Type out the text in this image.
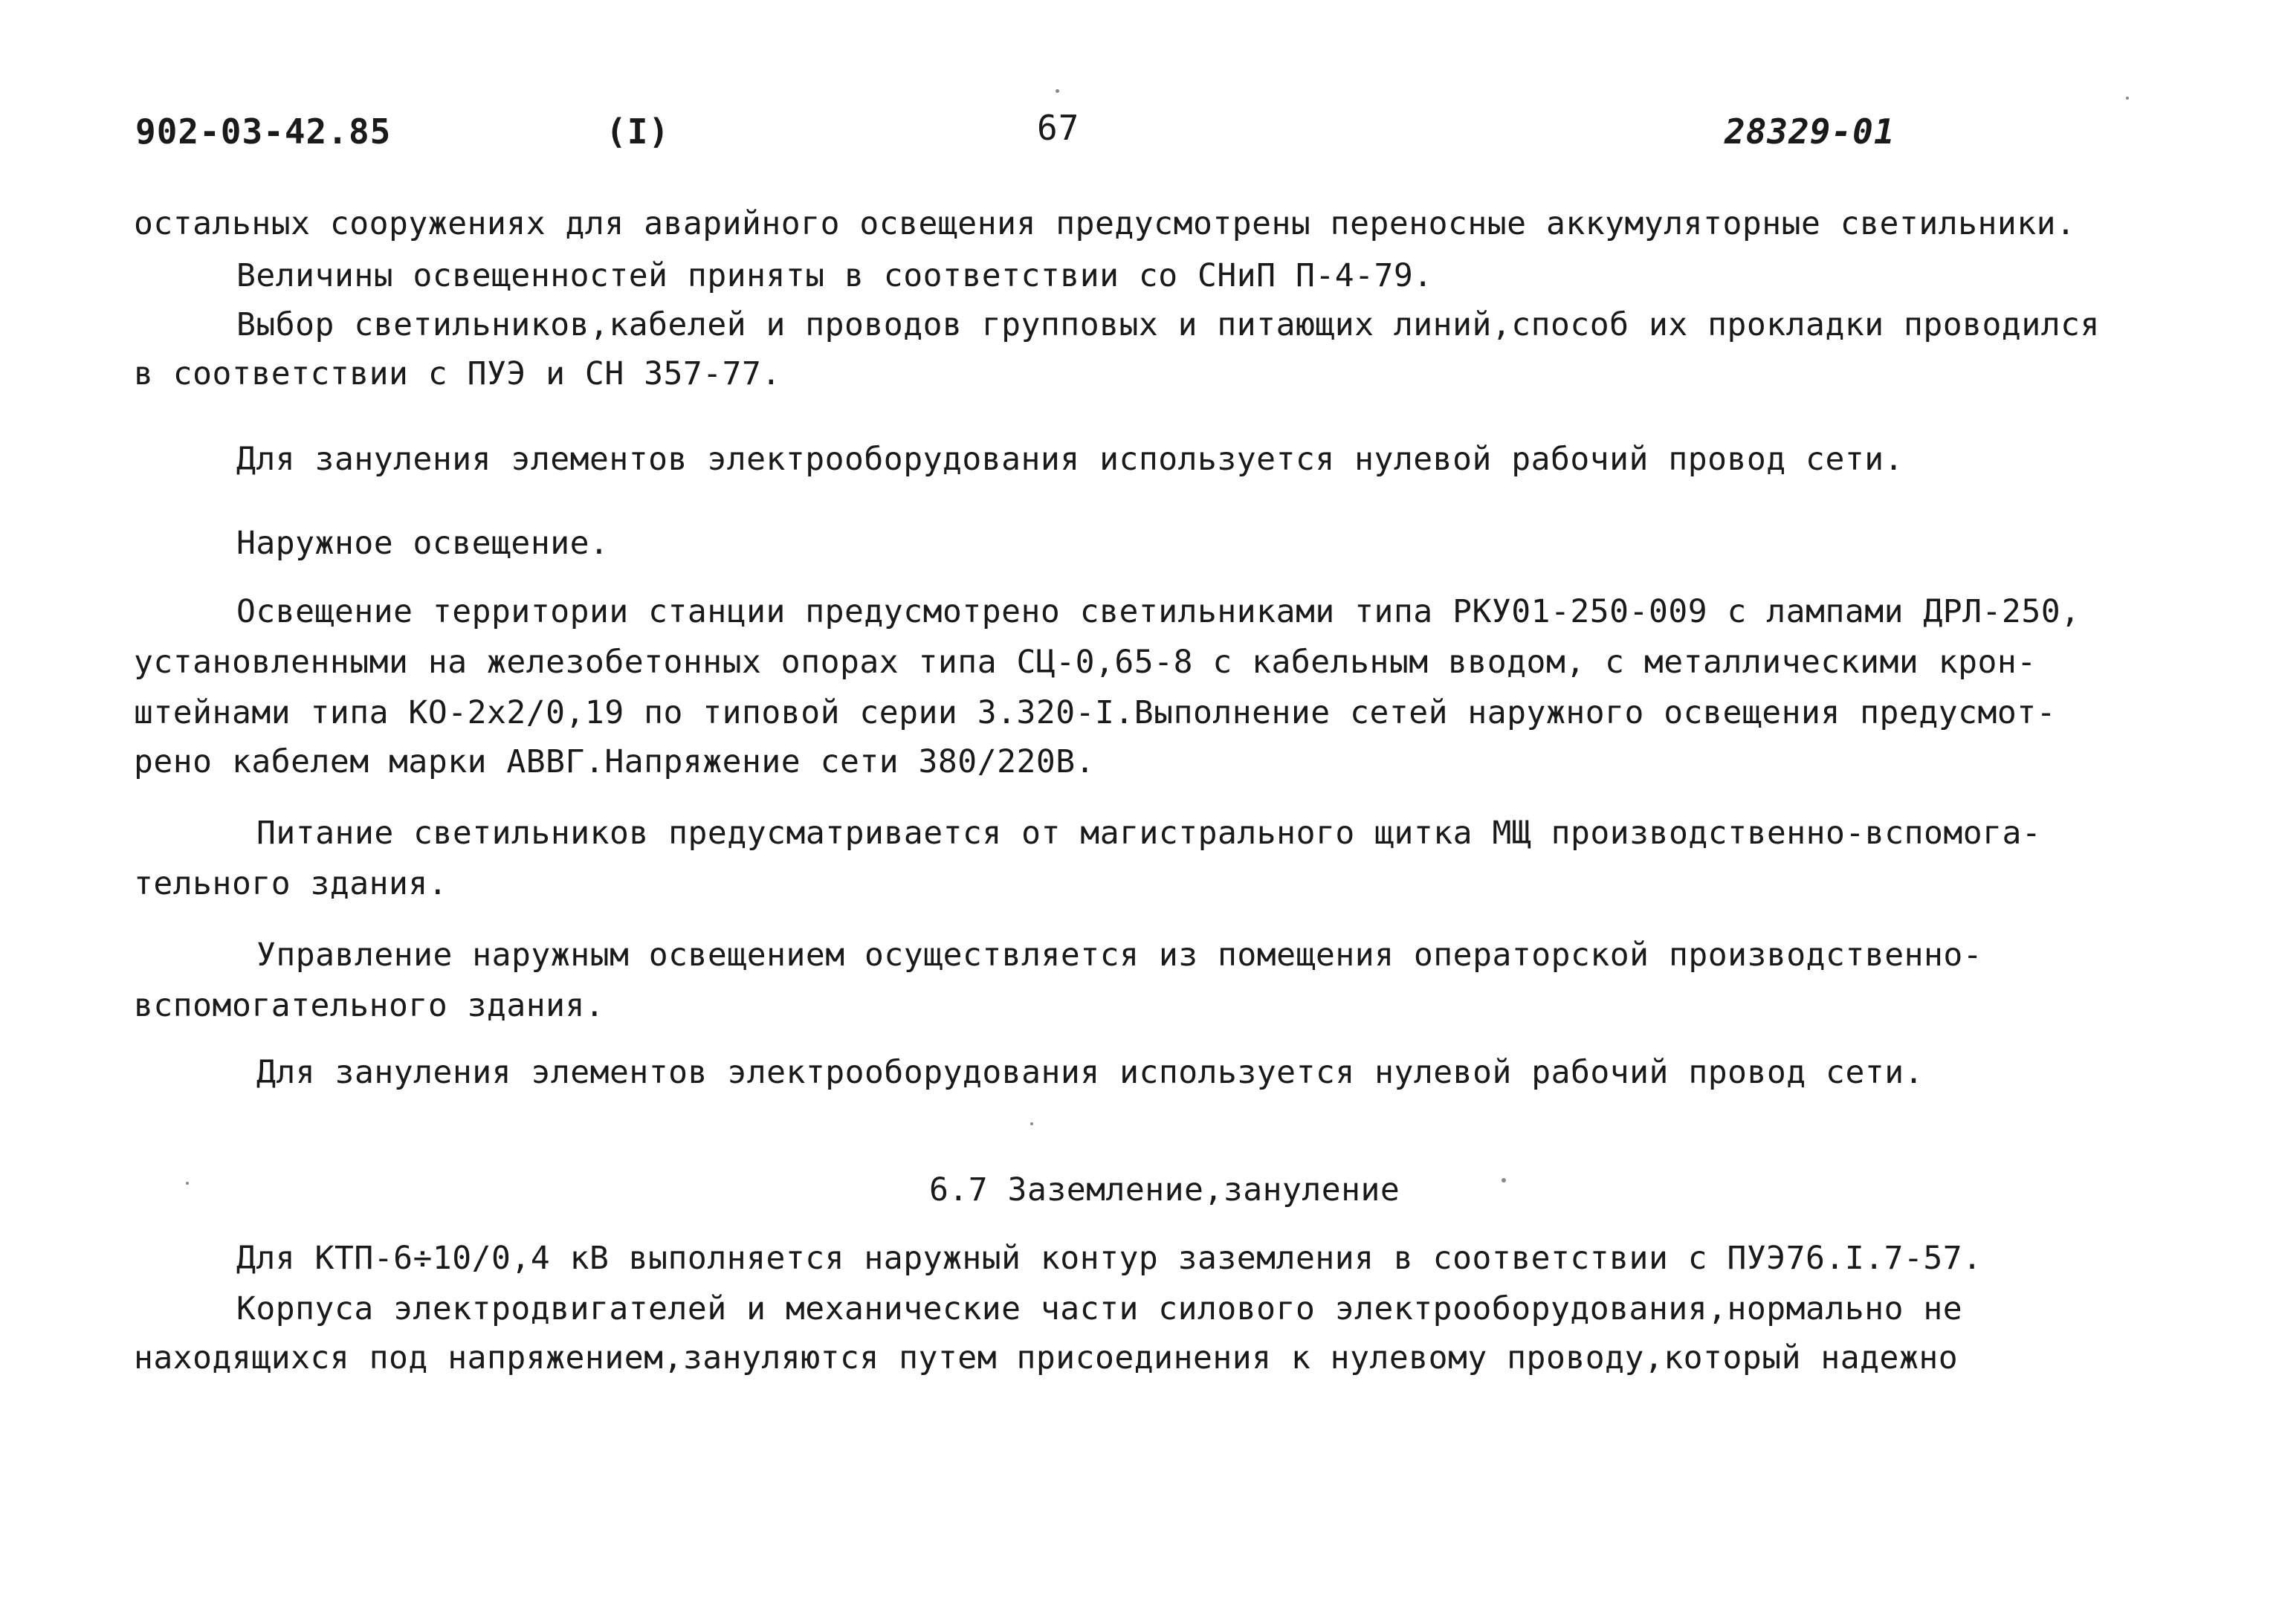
902-03-42.85	(I)	67	28329-01
остальных сооружениях для аварийного освещения предусмотрены переносные аккумуляторные светильники.
Величины освещенностей приняты в соответствии со СНиП П-4-79.
Выбор светильников,кабелей и проводов групповых и питающих линий,способ их прокладки проводился
в соответствии с ПУЭ и СН 357-77.
Для зануления элементов электрооборудования используется нулевой рабочий провод сети.
Наружное освещение.
Освещение территории станции предусмотрено светильниками типа РКУ01-250-009 с лампами ДРЛ-250,
установленными на железобетонных опорах типа СЦ-0,65-8 с кабельным вводом, с металлическими крон-
штейнами типа КО-2х2/0,19 по типовой серии 3.320-I.Выполнение сетей наружного освещения предусмот-
рено кабелем марки АВВГ.Напряжение сети 380/220В.
Питание светильников предусматривается от магистрального щитка МЩ производственно-вспомога-
тельного здания.
Управление наружным освещением осуществляется из помещения операторской производственно-
вспомогательного здания.
Для зануления элементов электрооборудования используется нулевой рабочий провод сети.
6.7 Заземление,зануление
Для КТП-6÷10/0,4 кВ выполняется наружный контур заземления в соответствии с ПУЭ76.I.7-57.
Корпуса электродвигателей и механические части силового электрооборудования,нормально не
находящихся под напряжением,зануляются путем присоединения к нулевому проводу,который надежно
